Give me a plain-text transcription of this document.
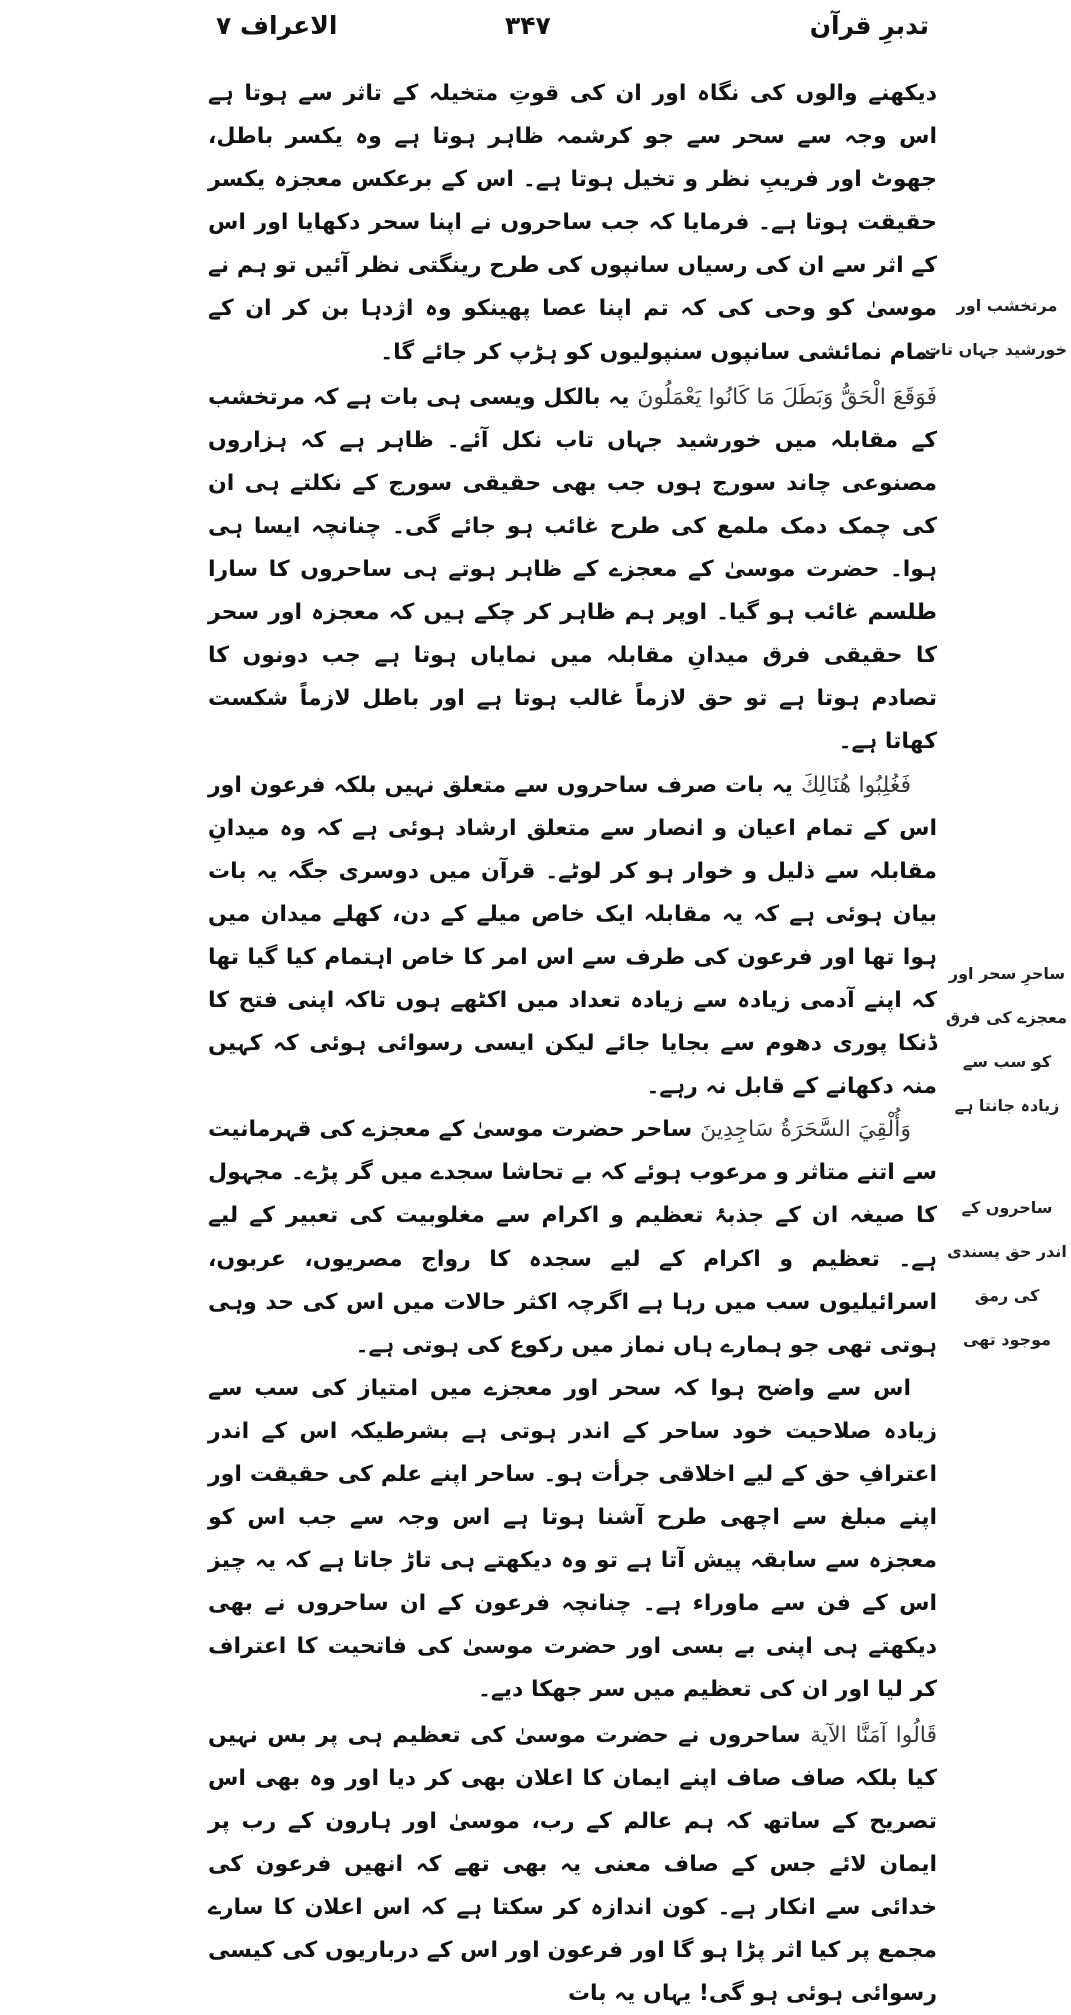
تدبرِ قرآن
۳۴۷
الاعراف ۷

دیکھنے والوں کی نگاہ اور ان کی قوتِ متخیلہ کے تاثر سے ہوتا ہے اس وجہ سے سحر سے جو کرشمہ ظاہر ہوتا ہے وہ یکسر باطل، جھوٹ اور فریبِ نظر و تخیل ہوتا ہے۔ اس کے برعکس معجزہ یکسر حقیقت ہوتا ہے۔ فرمایا کہ جب ساحروں نے اپنا سحر دکھایا اور اس کے اثر سے ان کی رسیاں سانپوں کی طرح رینگتی نظر آئیں تو ہم نے موسیٰ کو وحی کی کہ تم اپنا عصا پھینکو وہ اژدہا بن کر ان کے تمام نمائشی سانپوں سنپولیوں کو ہڑپ کر جائے گا۔

فَوَقَعَ الْحَقُّ وَبَطَلَ مَا كَانُوا يَعْمَلُونَ یہ بالکل ویسی ہی بات ہے کہ مرتخشب کے مقابلہ میں خورشید جہاں تاب نکل آئے۔ ظاہر ہے کہ ہزاروں مصنوعی چاند سورج ہوں جب بھی حقیقی سورج کے نکلتے ہی ان کی چمک دمک ملمع کی طرح غائب ہو جائے گی۔ چنانچہ ایسا ہی ہوا۔ حضرت موسیٰ کے معجزے کے ظاہر ہوتے ہی ساحروں کا سارا طلسم غائب ہو گیا۔ اوپر ہم ظاہر کر چکے ہیں کہ معجزہ اور سحر کا حقیقی فرق میدانِ مقابلہ میں نمایاں ہوتا ہے جب دونوں کا تصادم ہوتا ہے تو حق لازماً غالب ہوتا ہے اور باطل لازماً شکست کھاتا ہے۔

فَغُلِبُوا هُنَالِكَ یہ بات صرف ساحروں سے متعلق نہیں بلکہ فرعون اور اس کے تمام اعیان و انصار سے متعلق ارشاد ہوئی ہے کہ وہ میدانِ مقابلہ سے ذلیل و خوار ہو کر لوٹے۔ قرآن میں دوسری جگہ یہ بات بیان ہوئی ہے کہ یہ مقابلہ ایک خاص میلے کے دن، کھلے میدان میں ہوا تھا اور فرعون کی طرف سے اس امر کا خاص اہتمام کیا گیا تھا کہ اپنے آدمی زیادہ سے زیادہ تعداد میں اکٹھے ہوں تاکہ اپنی فتح کا ڈنکا پوری دھوم سے بجایا جائے لیکن ایسی رسوائی ہوئی کہ کہیں منہ دکھانے کے قابل نہ رہے۔

وَأُلْقِيَ السَّحَرَةُ سَاجِدِينَ ساحر حضرت موسیٰ کے معجزے کی قہرمانیت سے اتنے متاثر و مرعوب ہوئے کہ بے تحاشا سجدے میں گر پڑے۔ مجہول کا صیغہ ان کے جذبۂ تعظیم و اکرام سے مغلوبیت کی تعبیر کے لیے ہے۔ تعظیم و اکرام کے لیے سجدہ کا رواج مصریوں، عربوں، اسرائیلیوں سب میں رہا ہے اگرچہ اکثر حالات میں اس کی حد وہی ہوتی تھی جو ہمارے ہاں نماز میں رکوع کی ہوتی ہے۔

اس سے واضح ہوا کہ سحر اور معجزے میں امتیاز کی سب سے زیادہ صلاحیت خود ساحر کے اندر ہوتی ہے بشرطیکہ اس کے اندر اعترافِ حق کے لیے اخلاقی جرأت ہو۔ ساحر اپنے علم کی حقیقت اور اپنے مبلغ سے اچھی طرح آشنا ہوتا ہے اس وجہ سے جب اس کو معجزہ سے سابقہ پیش آتا ہے تو وہ دیکھتے ہی تاڑ جاتا ہے کہ یہ چیز اس کے فن سے ماوراء ہے۔ چنانچہ فرعون کے ان ساحروں نے بھی دیکھتے ہی اپنی بے بسی اور حضرت موسیٰ کی فاتحیت کا اعتراف کر لیا اور ان کی تعظیم میں سر جھکا دیے۔

قَالُوا آمَنَّا الآية ساحروں نے حضرت موسیٰ کی تعظیم ہی پر بس نہیں کیا بلکہ صاف صاف اپنے ایمان کا اعلان بھی کر دیا اور وہ بھی اس تصریح کے ساتھ کہ ہم عالم کے رب، موسیٰ اور ہارون کے رب پر ایمان لائے جس کے صاف معنی یہ بھی تھے کہ انھیں فرعون کی خدائی سے انکار ہے۔ کون اندازہ کر سکتا ہے کہ اس اعلان کا سارے مجمع پر کیا اثر پڑا ہو گا اور فرعون اور اس کے درباریوں کی کیسی رسوائی ہوئی ہو گی! یہاں یہ بات

مرتخشب اور
خورشید جہاں تاب
ساحرِ سحر اور
معجزے کی فرق
کو سب سے
زیادہ جانتا ہے
ساحروں کے
اندر حق پسندی
کی رمق
موجود تھی
